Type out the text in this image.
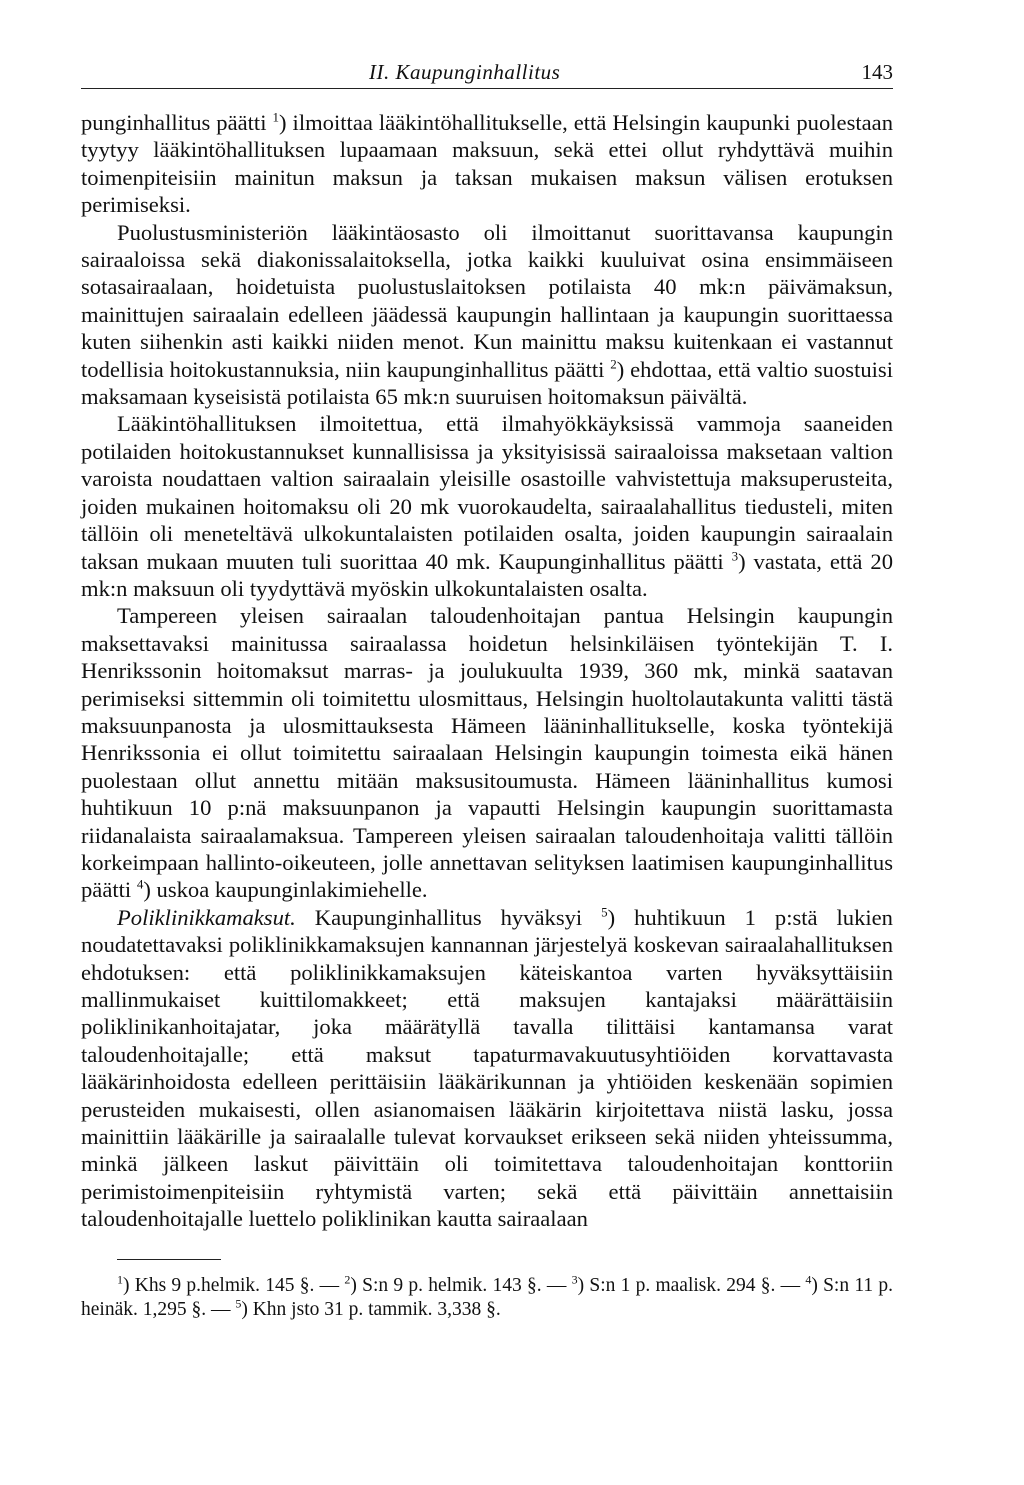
II. Kaupunginhallitus	143

punginhallitus päätti $^1$) ilmoittaa lääkintöhallitukselle, että Helsingin kaupunki puolestaan tyytyy lääkintöhallituksen lupaamaan maksuun, sekä ettei ollut ryhdyttävä muihin toimenpiteisiin mainitun maksun ja taksan mukaisen maksun välisen erotuksen perimiseksi.

Puolustusministeriön lääkintäosasto oli ilmoittanut suorittavansa kaupungin sairaaloissa sekä diakonissalaitoksella, jotka kaikki kuuluivat osina ensimmäiseen sotasairaalaan, hoidetuista puolustuslaitoksen potilaista 40 mk:n päivämaksun, mainittujen sairaalain edelleen jäädessä kaupungin hallintaan ja kaupungin suorittaessa kuten siihenkin asti kaikki niiden menot. Kun mainittu maksu kuitenkaan ei vastannut todellisia hoitokustannuksia, niin kaupunginhallitus päätti $^2$) ehdottaa, että valtio suostuisi maksamaan kyseisistä potilaista 65 mk:n suuruisen hoitomaksun päivältä.

Lääkintöhallituksen ilmoitettua, että ilmahyökkäyksissä vammoja saaneiden potilaiden hoitokustannukset kunnallisissa ja yksityisissä sairaaloissa maksetaan valtion varoista noudattaen valtion sairaalain yleisille osastoille vahvistettuja maksuperusteita, joiden mukainen hoitomaksu oli 20 mk vuorokaudelta, sairaalahallitus tiedusteli, miten tällöin oli meneteltävä ulkokuntalaisten potilaiden osalta, joiden kaupungin sairaalain taksan mukaan muuten tuli suorittaa 40 mk. Kaupunginhallitus päätti $^3$) vastata, että 20 mk:n maksuun oli tyydyttävä myöskin ulkokuntalaisten osalta.

Tampereen yleisen sairaalan taloudenhoitajan pantua Helsingin kaupungin maksettavaksi mainitussa sairaalassa hoidetun helsinkiläisen työntekijän T. I. Henrikssonin hoitomaksut marras- ja joulukuulta 1939, 360 mk, minkä saatavan perimiseksi sittemmin oli toimitettu ulosmittaus, Helsingin huoltolautakunta valitti tästä maksuunpanosta ja ulosmittauksesta Hämeen lääninhallitukselle, koska työntekijä Henrikssonia ei ollut toimitettu sairaalaan Helsingin kaupungin toimesta eikä hänen puolestaan ollut annettu mitään maksusitoumusta. Hämeen lääninhallitus kumosi huhtikuun 10 p:nä maksuunpanon ja vapautti Helsingin kaupungin suorittamasta riidanalaista sairaalamaksua. Tampereen yleisen sairaalan taloudenhoitaja valitti tällöin korkeimpaan hallinto-oikeuteen, jolle annettavan selityksen laatimisen kaupunginhallitus päätti $^4$) uskoa kaupunginlakimiehelle.

Poliklinikkamaksut. Kaupunginhallitus hyväksyi $^5$) huhtikuun 1 p:stä lukien noudatettavaksi poliklinikkamaksujen kannannan järjestelyä koskevan sairaalahallituksen ehdotuksen: että poliklinikkamaksujen käteiskantoa varten hyväksyttäisiin mallinmukaiset kuittilomakkeet; että maksujen kantajaksi määrättäisiin poliklinikanhoitajatar, joka määrätyllä tavalla tilittäisi kantamansa varat taloudenhoitajalle; että maksut tapaturmavakuutusyhtiöiden korvattavasta lääkärinhoidosta edelleen perittäisiin lääkärikunnan ja yhtiöiden keskenään sopimien perusteiden mukaisesti, ollen asianomaisen lääkärin kirjoitettava niistä lasku, jossa mainittiin lääkärille ja sairaalalle tulevat korvaukset erikseen sekä niiden yhteissumma, minkä jälkeen laskut päivittäin oli toimitettava taloudenhoitajan konttoriin perimistoimenpiteisiin ryhtymistä varten; sekä että päivittäin annettaisiin taloudenhoitajalle luettelo poliklinikan kautta sairaalaan

$^1$) Khs 9 p.helmik. 145 §. — $^2$) S:n 9 p. helmik. 143 §. — $^3$) S:n 1 p. maalisk. 294 §. — $^4$) S:n 11 p. heinäk. 1,295 §. — $^5$) Khn jsto 31 p. tammik. 3,338 §.
